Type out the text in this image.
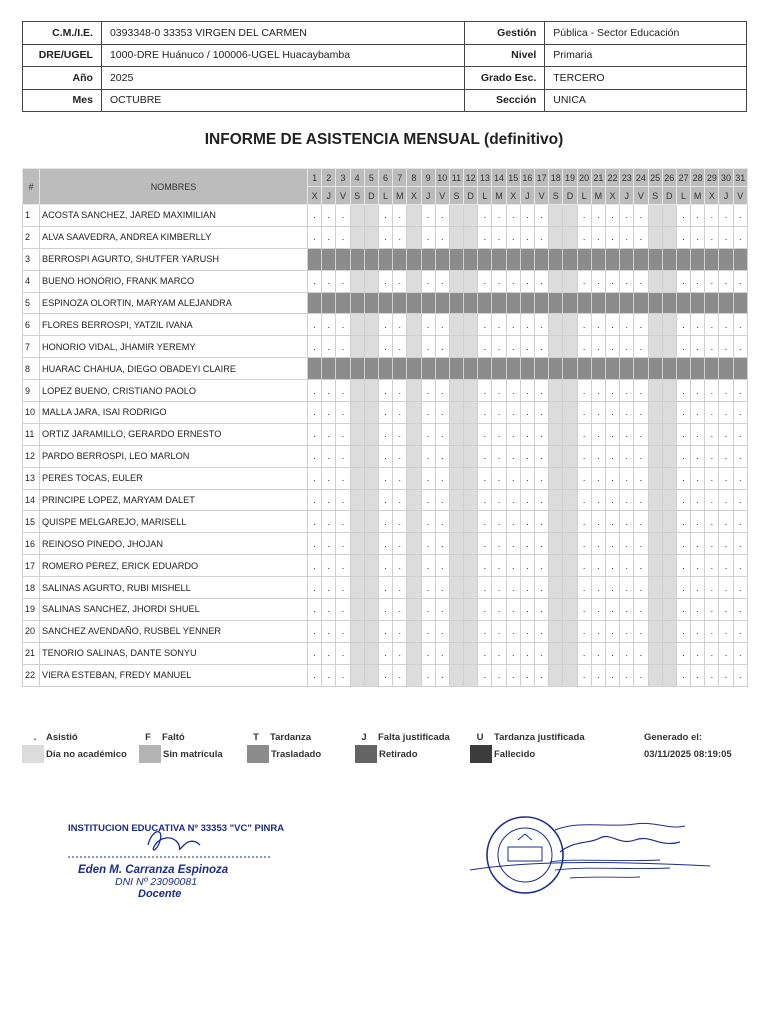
C.M./I.E.	0393348-0 33353 VIRGEN DEL CARMEN	Gestión	Pública - Sector Educación
DRE/UGEL	1000-DRE Huánuco / 100006-UGEL Huacaybamba	Nivel	Primaria
Año	2025	Grado Esc.	TERCERO
Mes	OCTUBRE	Sección	UNICA
INFORME DE ASISTENCIA MENSUAL (definitivo)
#	NOMBRES	1	2	3	4	5	6	7	8	9	10	11	12	13	14	15	16	17	18	19	20	21	22	23	24	25	26	27	28	29	30	31
		X	J	V	S	D	L	M	X	J	V	S	D	L	M	X	J	V	S	D	L	M	X	J	V	S	D	L	M	X	J	V
1	ACOSTA SANCHEZ, JARED MAXIMILIAN	.	.	.			.	.		.	.			.	.	.	.	.			.	.	.	.	.			.	.	.	.	.
2	ALVA SAAVEDRA, ANDREA KIMBERLLY	.	.	.			.	.		.	.			.	.	.	.	.			.	.	.	.	.			.	.	.	.	.
3	BERROSPI AGURTO, SHUTFER YARUSH																															
4	BUENO HONORIO, FRANK MARCO	.	.	.			.	.		.	.			.	.	.	.	.			.	.	.	.	.			.	.	.	.	.
5	ESPINOZA OLORTIN, MARYAM ALEJANDRA																															
6	FLORES BERROSPI, YATZIL IVANA	.	.	.			.	.		.	.			.	.	.	.	.			.	.	.	.	.			.	.	.	.	.
7	HONORIO VIDAL, JHAMIR YEREMY	.	.	.			.	.		.	.			.	.	.	.	.			.	.	.	.	.			.	.	.	.	.
8	HUARAC CHAHUA, DIEGO OBADEYI CLAIRE																															
9	LOPEZ BUENO, CRISTIANO PAOLO	.	.	.			.	.		.	.			.	.	.	.	.			.	.	.	.	.			.	.	.	.	.
10	MALLA JARA, ISAI RODRIGO	.	.	.			.	.		.	.			.	.	.	.	.			.	.	.	.	.			.	.	.	.	.
11	ORTIZ JARAMILLO, GERARDO ERNESTO	.	.	.			.	.		.	.			.	.	.	.	.			.	.	.	.	.			.	.	.	.	.
12	PARDO BERROSPI, LEO MARLON	.	.	.			.	.		.	.			.	.	.	.	.			.	.	.	.	.			.	.	.	.	.
13	PERES TOCAS, EULER	.	.	.			.	.		.	.			.	.	.	.	.			.	.	.	.	.			.	.	.	.	.
14	PRINCIPE LOPEZ, MARYAM DALET	.	.	.			.	.		.	.			.	.	.	.	.			.	.	.	.	.			.	.	.	.	.
15	QUISPE MELGAREJO, MARISELL	.	.	.			.	.		.	.			.	.	.	.	.			.	.	.	.	.			.	.	.	.	.
16	REINOSO PINEDO, JHOJAN	.	.	.			.	.		.	.			.	.	.	.	.			.	.	.	.	.			.	.	.	.	.
17	ROMERO PEREZ, ERICK EDUARDO	.	.	.			.	.		.	.			.	.	.	.	.			.	.	.	.	.			.	.	.	.	.
18	SALINAS AGURTO, RUBI MISHELL	.	.	.			.	.		.	.			.	.	.	.	.			.	.	.	.	.			.	.	.	.	.
19	SALINAS SANCHEZ, JHORDI SHUEL	.	.	.			.	.		.	.			.	.	.	.	.			.	.	.	.	.			.	.	.	.	.
20	SANCHEZ AVENDAÑO, RUSBEL YENNER	.	.	.			.	.		.	.			.	.	.	.	.			.	.	.	.	.			.	.	.	.	.
21	TENORIO SALINAS, DANTE SONYU	.	.	.			.	.		.	.			.	.	.	.	.			.	.	.	.	.			.	.	.	.	.
22	VIERA ESTEBAN, FREDY MANUEL	.	.	.			.	.		.	.			.	.	.	.	.			.	.	.	.	.			.	.	.	.	.
.	Asistió	F Faltó	T Tardanza	J Falta justificada	U Tardanza justificada	Generado el:
Día no académico	Sin matrícula	Trasladado	Retirado	Fallecido	03/11/2025 08:19:05
INSTITUCION EDUCATIVA Nº 33353 "VC" PINRA
Eden M. Carranza Espinoza
DNI Nº 23090081
Docente
